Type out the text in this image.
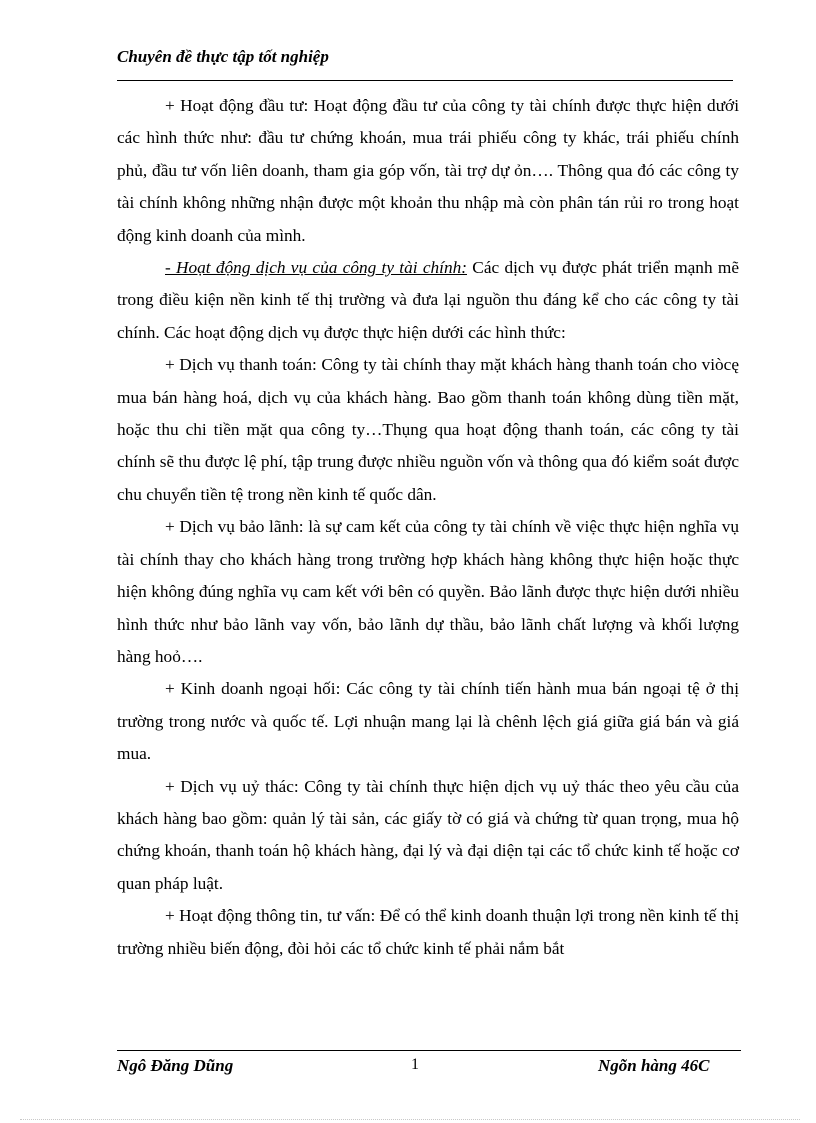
Chuyên đề thực tập tốt nghiệp

+ Hoạt động đầu tư: Hoạt động đầu tư của công ty tài chính được thực hiện dưới các hình thức như: đầu tư chứng khoán, mua trái phiếu công ty khác, trái phiếu chính phủ, đầu tư vốn liên doanh, tham gia góp vốn, tài trợ dự ỏn…. Thông qua đó các công ty tài chính không những nhận được một khoản thu nhập mà còn phân tán rủi ro trong hoạt động kinh doanh của mình.

- Hoạt động dịch vụ của công ty tài chính: Các dịch vụ được phát triển mạnh mẽ trong điều kiện nền kinh tế thị trường và đưa lại nguồn thu đáng kể cho các công ty tài chính. Các hoạt động dịch vụ được thực hiện dưới các hình thức:

+ Dịch vụ thanh toán: Công ty tài chính thay mặt khách hàng thanh toán cho viòcę mua bán hàng hoá, dịch vụ của khách hàng. Bao gồm thanh toán không dùng tiền mặt, hoặc thu chi tiền mặt qua công ty…Thụng qua hoạt động thanh toán, các công ty tài chính sẽ thu được lệ phí, tập trung được nhiều nguồn vốn và thông qua đó kiểm soát được chu chuyển tiền tệ trong nền kinh tế quốc dân.

+ Dịch vụ bảo lãnh: là sự cam kết của công ty tài chính về việc thực hiện nghĩa vụ tài chính thay cho khách hàng trong trường hợp khách hàng không thực hiện hoặc thực hiện không đúng nghĩa vụ cam kết với bên có quyền. Bảo lãnh được thực hiện dưới nhiều hình thức như bảo lãnh vay vốn, bảo lãnh dự thầu, bảo lãnh chất lượng và khối lượng hàng hoỏ….

+ Kinh doanh ngoại hối: Các công ty tài chính tiến hành mua bán ngoại tệ ở thị trường trong nước và quốc tế. Lợi nhuận mang lại là chênh lệch giá giữa giá bán và giá mua.

+ Dịch vụ uỷ thác: Công ty tài chính thực hiện dịch vụ uỷ thác theo yêu cầu của khách hàng bao gồm: quản lý tài sản, các giấy tờ có giá và chứng từ quan trọng, mua hộ chứng khoán, thanh toán hộ khách hàng, đại lý và đại diện tại các tổ chức kinh tế hoặc cơ quan pháp luật.

+ Hoạt động thông tin, tư vấn: Để có thể kinh doanh thuận lợi trong nền kinh tế thị trường nhiều biến động, đòi hỏi các tổ chức kinh tế phải nắm bắt

Ngô Đăng Dũng	1	Ngõn hàng 46C
